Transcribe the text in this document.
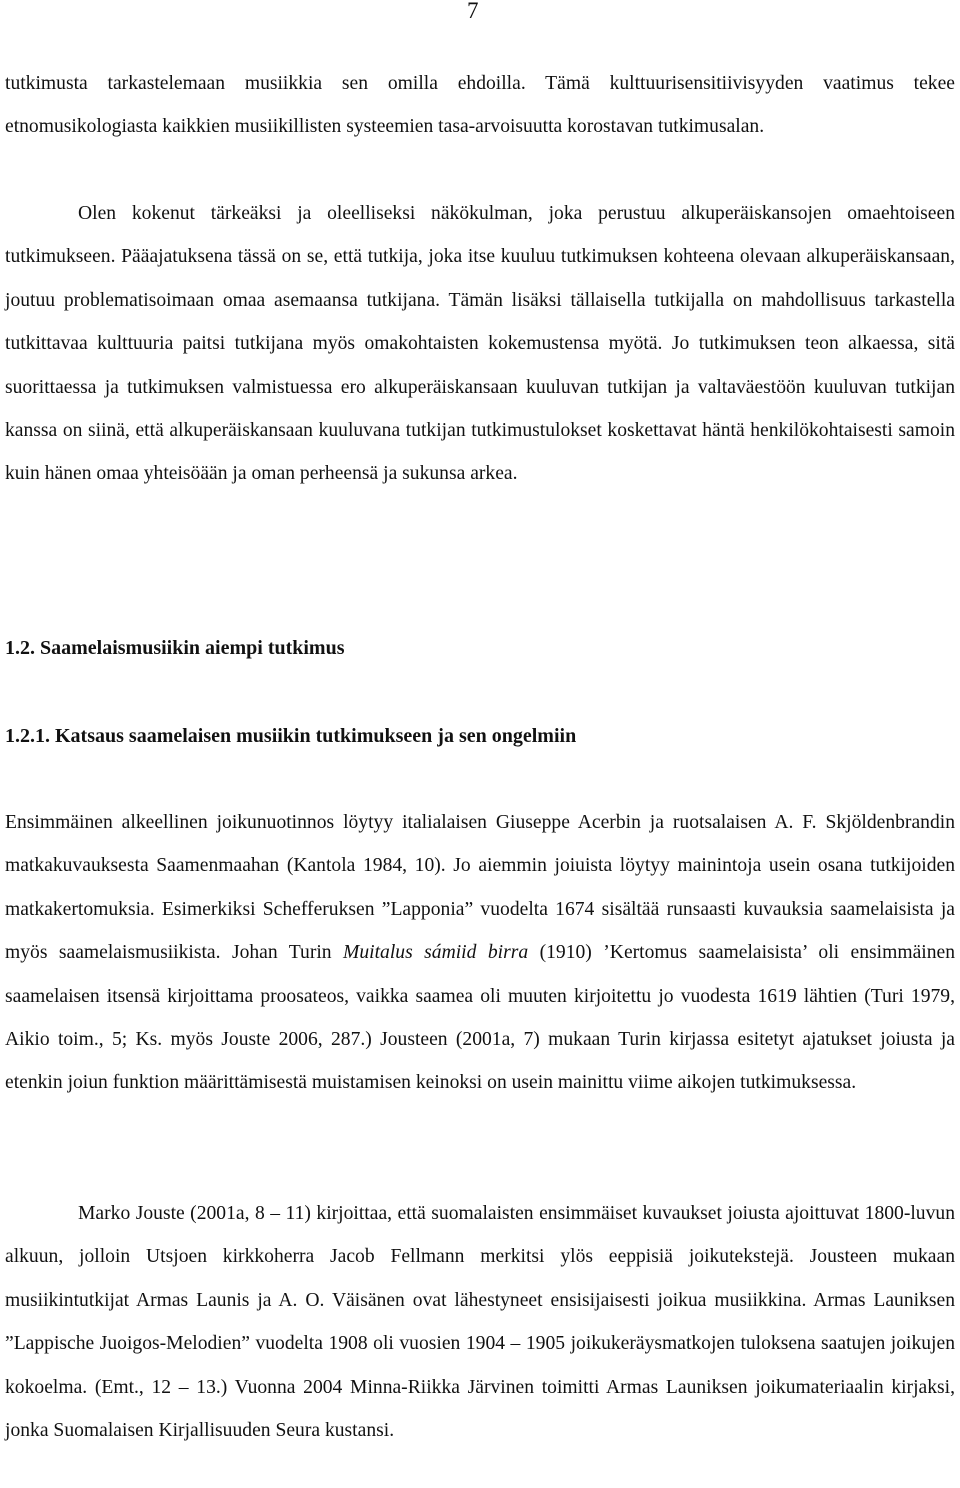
7

tutkimusta tarkastelemaan musiikkia sen omilla ehdoilla. Tämä kulttuurisensitiivisyyden vaatimus tekee etnomusikologiasta kaikkien musiikillisten systeemien tasa-arvoisuutta korostavan tutkimusalan.

Olen kokenut tärkeäksi ja oleelliseksi näkökulman, joka perustuu alkuperäiskansojen omaehtoiseen tutkimukseen. Pääajatuksena tässä on se, että tutkija, joka itse kuuluu tutkimuksen kohteena olevaan alkuperäiskansaan, joutuu problematisoimaan omaa asemaansa tutkijana. Tämän lisäksi tällaisella tutkijalla on mahdollisuus tarkastella tutkittavaa kulttuuria paitsi tutkijana myös omakohtaisten kokemustensa myötä. Jo tutkimuksen teon alkaessa, sitä suorittaessa ja tutkimuksen valmistuessa ero alkuperäiskansaan kuuluvan tutkijan ja valtaväestöön kuuluvan tutkijan kanssa on siinä, että alkuperäiskansaan kuuluvana tutkijan tutkimustulokset koskettavat häntä henkilökohtaisesti samoin kuin hänen omaa yhteisöään ja oman perheensä ja sukunsa arkea.

1.2. Saamelaismusiikin aiempi tutkimus
1.2.1. Katsaus saamelaisen musiikin tutkimukseen ja sen ongelmiin

Ensimmäinen alkeellinen joikunuotinnos löytyy italialaisen Giuseppe Acerbin ja ruotsalaisen A. F. Skjöldenbrandin matkakuvauksesta Saamenmaahan (Kantola 1984, 10). Jo aiemmin joiuista löytyy mainintoja usein osana tutkijoiden matkakertomuksia. Esimerkiksi Schefferuksen ”Lapponia” vuodelta 1674 sisältää runsaasti kuvauksia saamelaisista ja myös saamelaismusiikista. Johan Turin Muitalus sámiid birra (1910) ’Kertomus saamelaisista’ oli ensimmäinen saamelaisen itsensä kirjoittama proosateos, vaikka saamea oli muuten kirjoitettu jo vuodesta 1619 lähtien (Turi 1979, Aikio toim., 5; Ks. myös Jouste 2006, 287.) Jousteen (2001a, 7) mukaan Turin kirjassa esitetyt ajatukset joiusta ja etenkin joiun funktion määrittämisestä muistamisen keinoksi on usein mainittu viime aikojen tutkimuksessa.

Marko Jouste (2001a, 8 – 11) kirjoittaa, että suomalaisten ensimmäiset kuvaukset joiusta ajoittuvat 1800-luvun alkuun, jolloin Utsjoen kirkkoherra Jacob Fellmann merkitsi ylös eeppisiä joikutekstejä. Jousteen mukaan musiikintutkijat Armas Launis ja A. O. Väisänen ovat lähestyneet ensisijaisesti joikua musiikkina. Armas Launiksen ”Lappische Juoigos-Melodien” vuodelta 1908 oli vuosien 1904 – 1905 joikukeräysmatkojen tuloksena saatujen joikujen kokoelma. (Emt., 12 – 13.) Vuonna 2004 Minna-Riikka Järvinen toimitti Armas Launiksen joikumateriaalin kirjaksi, jonka Suomalaisen Kirjallisuuden Seura kustansi.
